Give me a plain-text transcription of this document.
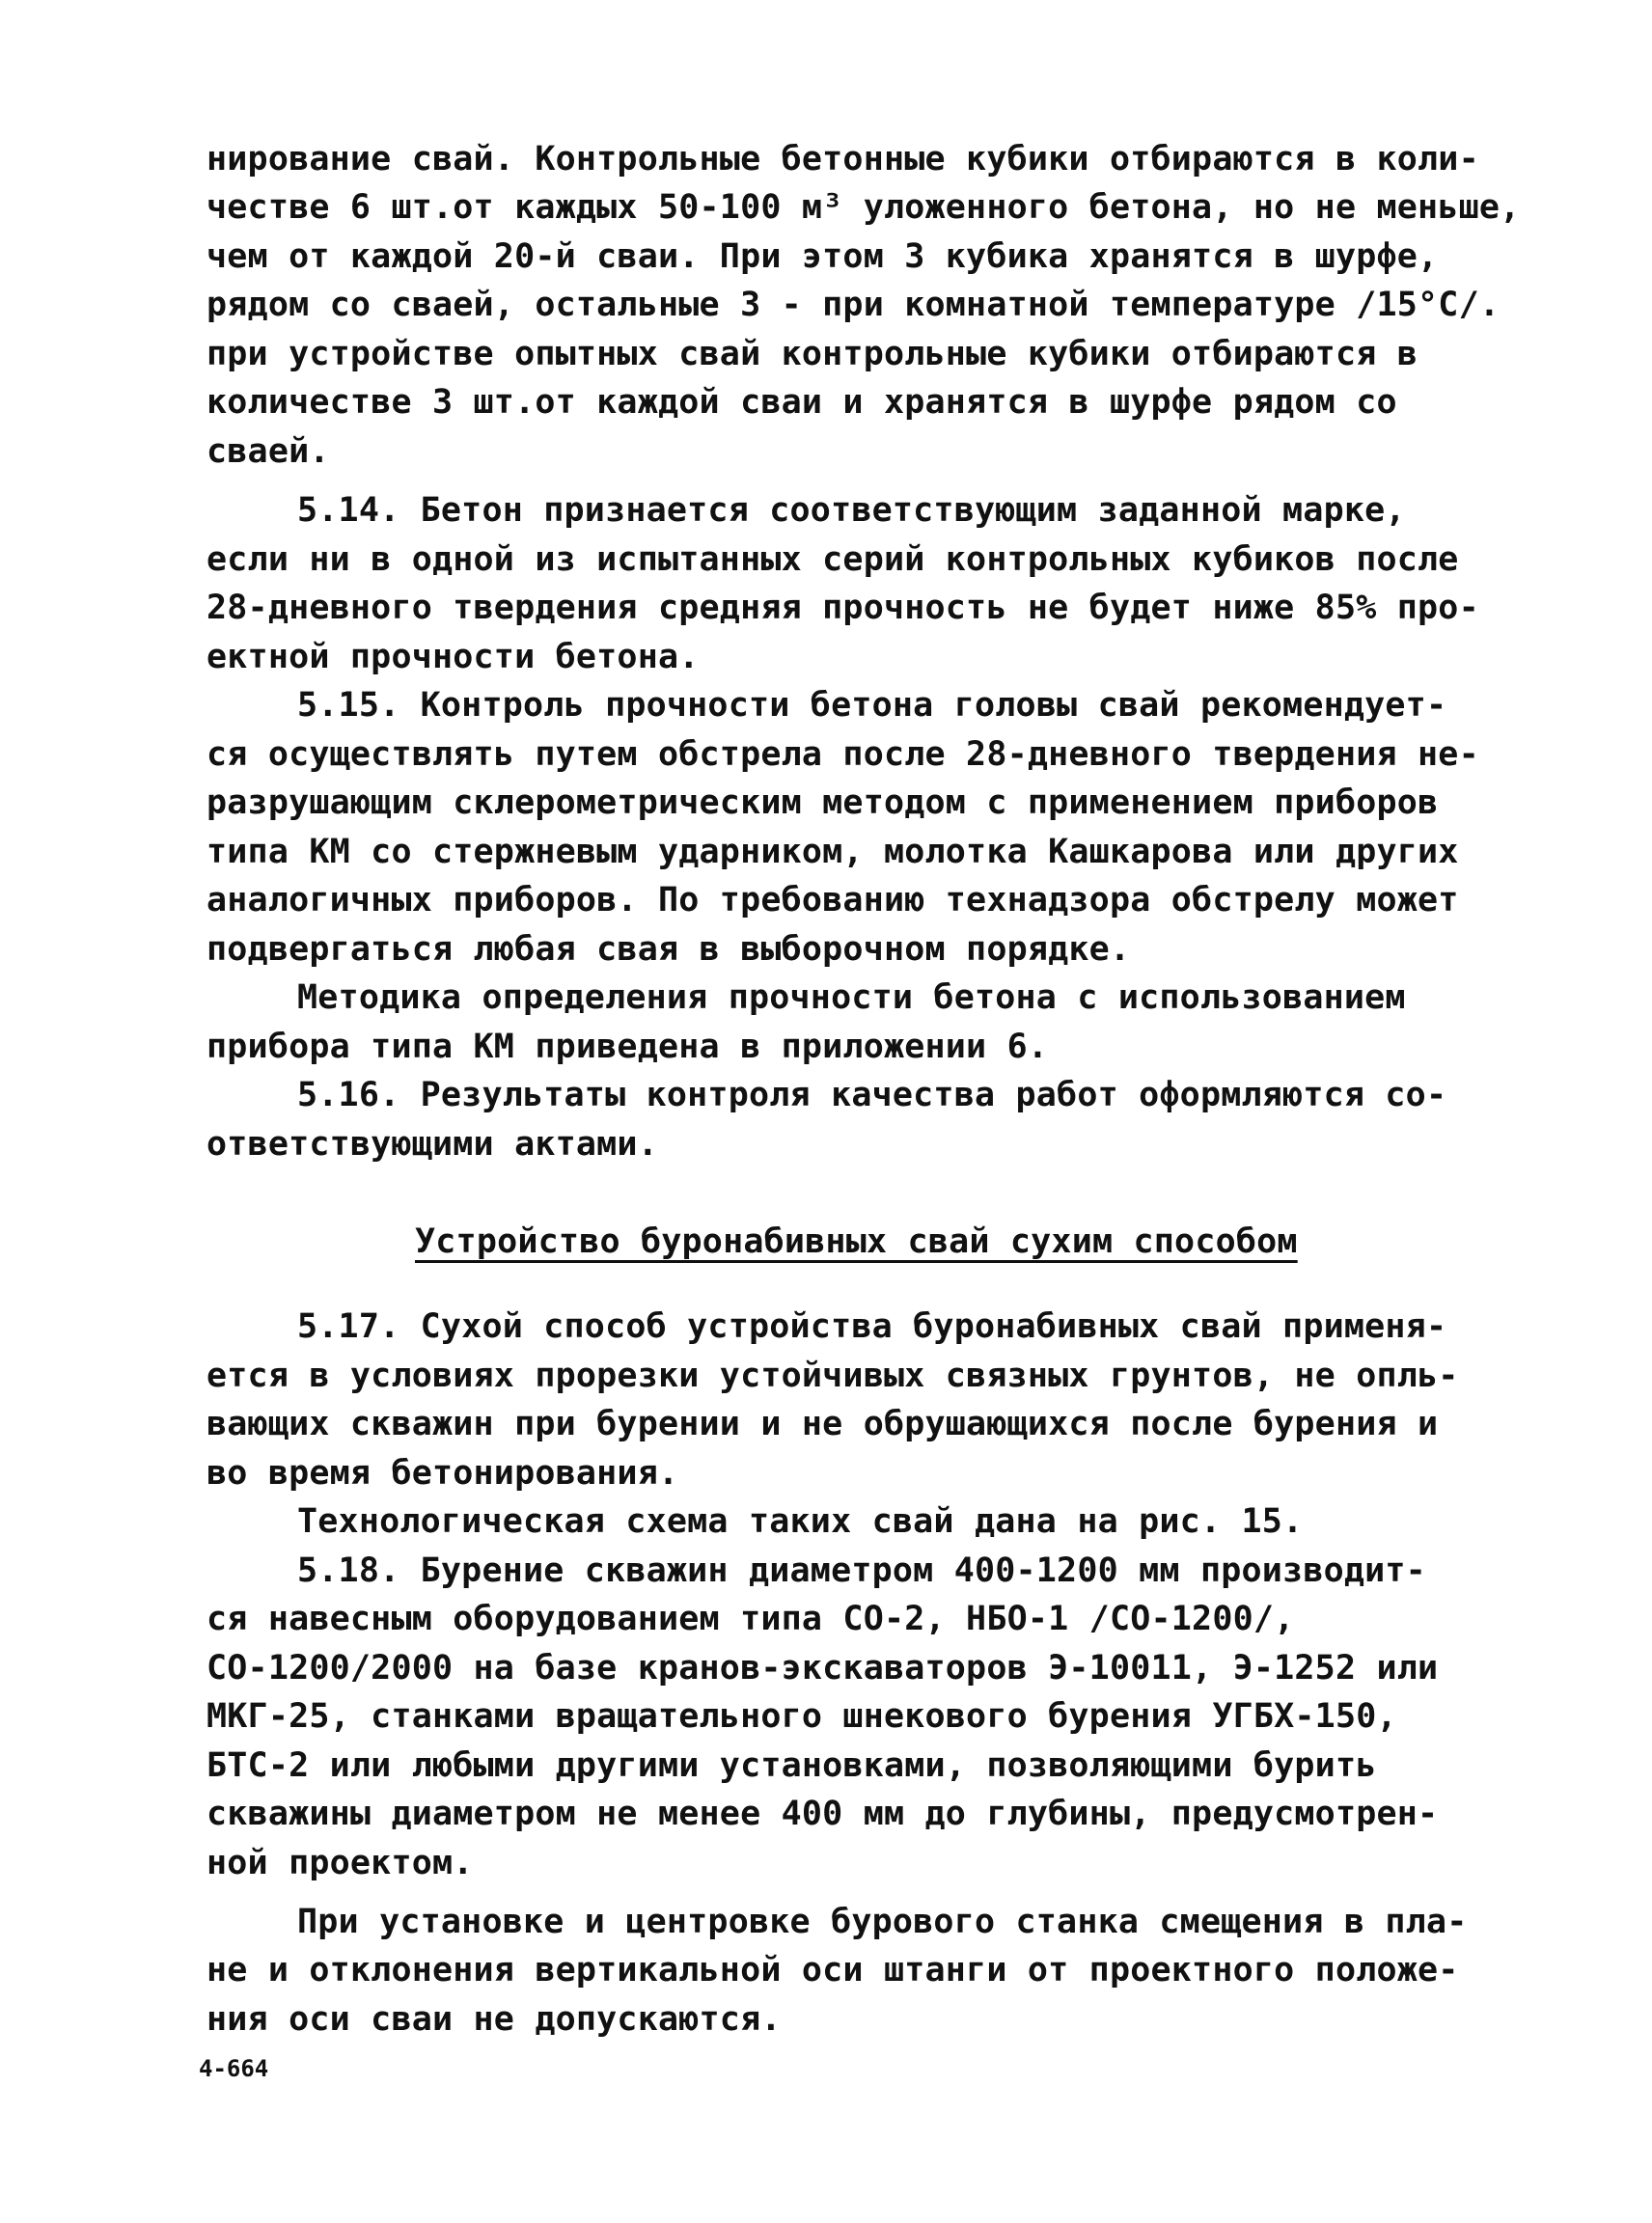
нирование свай. Контрольные бетонные кубики отбираются в коли-
честве 6 шт.от каждых 50-100 м³ уложенного бетона, но не меньше,
чем от каждой 20-й сваи. При этом 3 кубика хранятся в шурфе,
рядом со сваей, остальные 3 - при комнатной температуре /15°С/.
при устройстве опытных свай контрольные кубики отбираются в
количестве 3 шт.от каждой сваи и хранятся в шурфе рядом со
сваей.
5.14. Бетон признается соответствующим заданной марке,
если ни в одной из испытанных серий контрольных кубиков после
28-дневного твердения средняя прочность не будет ниже 85% про-
ектной прочности бетона.
5.15. Контроль прочности бетона головы свай рекомендует-
ся осуществлять путем обстрела после 28-дневного твердения не-
разрушающим склерометрическим методом с применением приборов
типа КМ со стержневым ударником, молотка Кашкарова или других
аналогичных приборов. По требованию технадзора обстрелу может
подвергаться любая свая в выборочном порядке.
Методика определения прочности бетона с использованием
прибора типа КМ приведена в приложении 6.
5.16. Результаты контроля качества работ оформляются со-
ответствующими актами.
Устройство буронабивных свай сухим способом
5.17. Сухой способ устройства буронабивных свай применя-
ется в условиях прорезки устойчивых связных грунтов, не опль-
вающих скважин при бурении и не обрушающихся после бурения и
во время бетонирования.
Технологическая схема таких свай дана на рис. 15.
5.18. Бурение скважин диаметром 400-1200 мм производит-
ся навесным оборудованием типа СО-2, НБО-1 /СО-1200/,
СО-1200/2000 на базе кранов-экскаваторов Э-10011, Э-1252 или
МКГ-25, станками вращательного шнекового бурения УГБХ-150,
БТС-2 или любыми другими установками, позволяющими бурить
скважины диаметром не менее 400 мм до глубины, предусмотрен-
ной проектом.
При установке и центровке бурового станка смещения в пла-
не и отклонения вертикальной оси штанги от проектного положе-
ния оси сваи не допускаются.
4-664
